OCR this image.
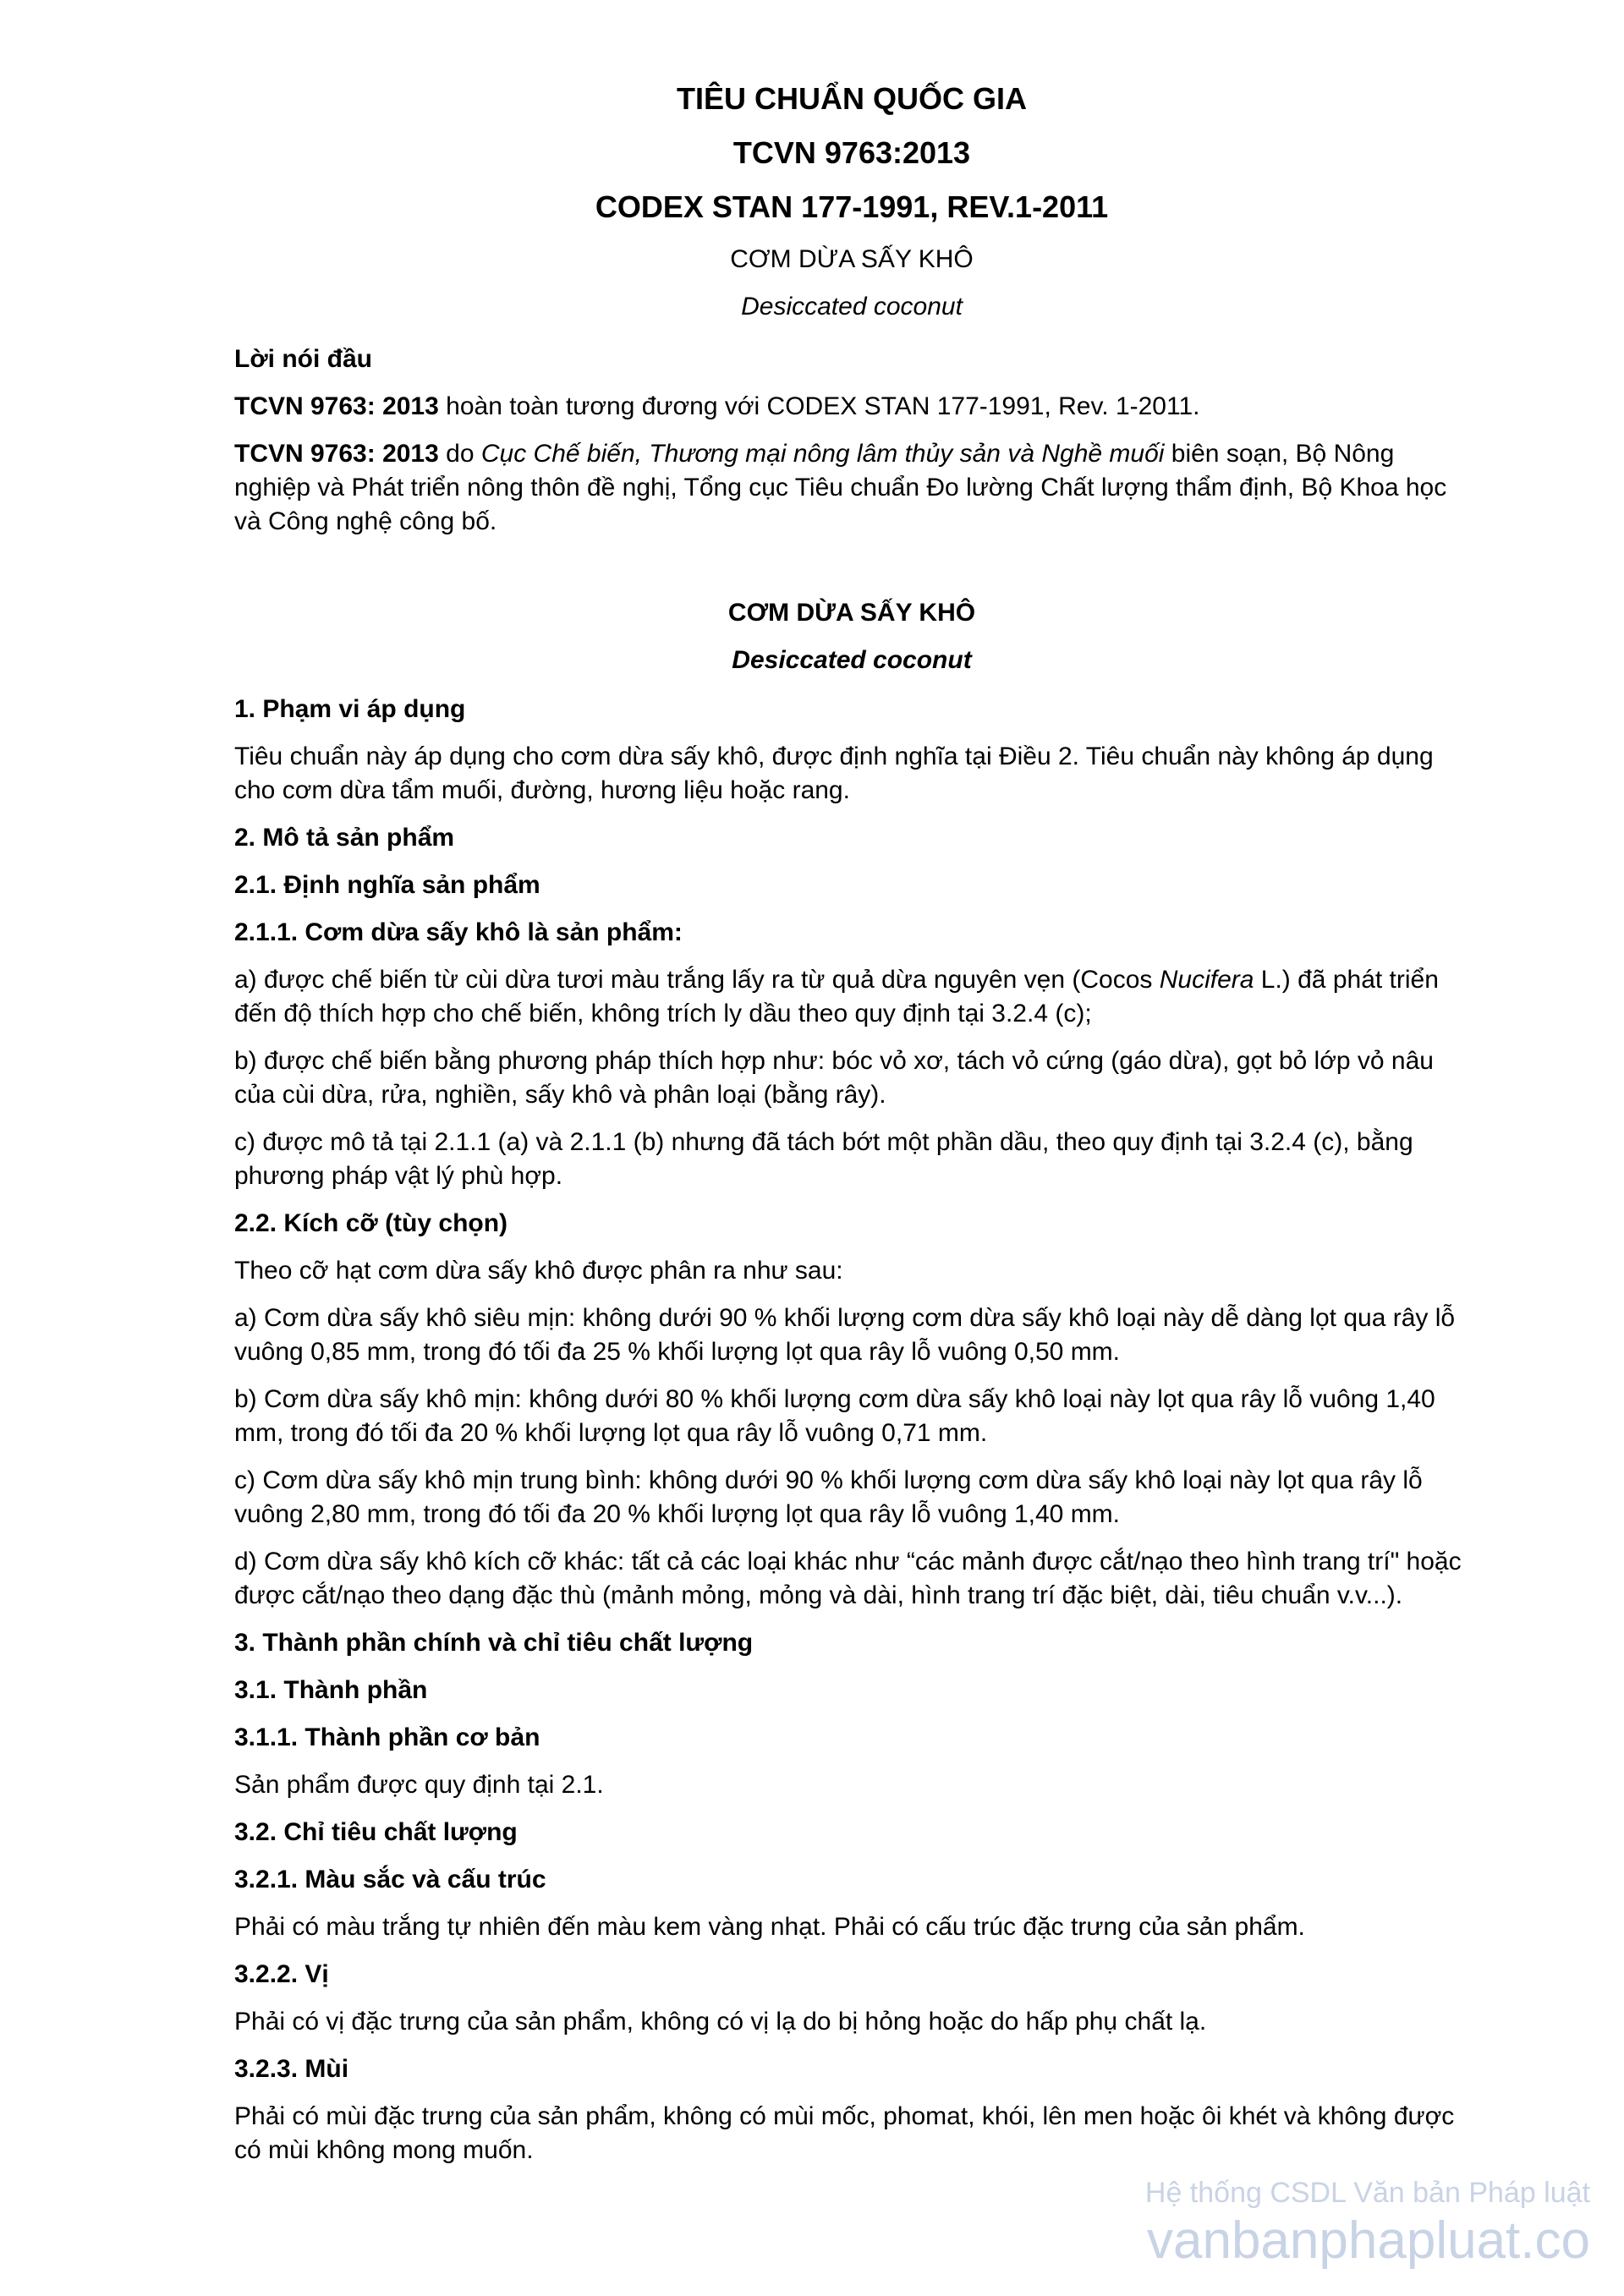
TIÊU CHUẨN QUỐC GIA
TCVN 9763:2013
CODEX STAN 177-1991, REV.1-2011
CƠM DỪA SẤY KHÔ
Desiccated coconut
Lời nói đầu
TCVN 9763: 2013 hoàn toàn tương đương với CODEX STAN 177-1991, Rev. 1-2011.
TCVN 9763: 2013 do Cục Chế biến, Thương mại nông lâm thủy sản và Nghề muối biên soạn, Bộ Nông nghiệp và Phát triển nông thôn đề nghị, Tổng cục Tiêu chuẩn Đo lường Chất lượng thẩm định, Bộ Khoa học và Công nghệ công bố.
CƠM DỪA SẤY KHÔ
Desiccated coconut
1. Phạm vi áp dụng
Tiêu chuẩn này áp dụng cho cơm dừa sấy khô, được định nghĩa tại Điều 2. Tiêu chuẩn này không áp dụng cho cơm dừa tẩm muối, đường, hương liệu hoặc rang.
2. Mô tả sản phẩm
2.1. Định nghĩa sản phẩm
2.1.1. Cơm dừa sấy khô là sản phẩm:
a) được chế biến từ cùi dừa tươi màu trắng lấy ra từ quả dừa nguyên vẹn (Cocos Nucifera L.) đã phát triển đến độ thích hợp cho chế biến, không trích ly dầu theo quy định tại 3.2.4 (c);
b) được chế biến bằng phương pháp thích hợp như: bóc vỏ xơ, tách vỏ cứng (gáo dừa), gọt bỏ lớp vỏ nâu của cùi dừa, rửa, nghiền, sấy khô và phân loại (bằng rây).
c) được mô tả tại 2.1.1 (a) và 2.1.1 (b) nhưng đã tách bớt một phần dầu, theo quy định tại 3.2.4 (c), bằng phương pháp vật lý phù hợp.
2.2. Kích cỡ (tùy chọn)
Theo cỡ hạt cơm dừa sấy khô được phân ra như sau:
a) Cơm dừa sấy khô siêu mịn: không dưới 90 % khối lượng cơm dừa sấy khô loại này dễ dàng lọt qua rây lỗ vuông 0,85 mm, trong đó tối đa 25 % khối lượng lọt qua rây lỗ vuông 0,50 mm.
b) Cơm dừa sấy khô mịn: không dưới 80 % khối lượng cơm dừa sấy khô loại này lọt qua rây lỗ vuông 1,40 mm, trong đó tối đa 20 % khối lượng lọt qua rây lỗ vuông 0,71 mm.
c) Cơm dừa sấy khô mịn trung bình: không dưới 90 % khối lượng cơm dừa sấy khô loại này lọt qua rây lỗ vuông 2,80 mm, trong đó tối đa 20 % khối lượng lọt qua rây lỗ vuông 1,40 mm.
d) Cơm dừa sấy khô kích cỡ khác: tất cả các loại khác như “các mảnh được cắt/nạo theo hình trang trí" hoặc được cắt/nạo theo dạng đặc thù (mảnh mỏng, mỏng và dài, hình trang trí đặc biệt, dài, tiêu chuẩn v.v...).
3. Thành phần chính và chỉ tiêu chất lượng
3.1. Thành phần
3.1.1. Thành phần cơ bản
Sản phẩm được quy định tại 2.1.
3.2. Chỉ tiêu chất lượng
3.2.1. Màu sắc và cấu trúc
Phải có màu trắng tự nhiên đến màu kem vàng nhạt. Phải có cấu trúc đặc trưng của sản phẩm.
3.2.2. Vị
Phải có vị đặc trưng của sản phẩm, không có vị lạ do bị hỏng hoặc do hấp phụ chất lạ.
3.2.3. Mùi
Phải có mùi đặc trưng của sản phẩm, không có mùi mốc, phomat, khói, lên men hoặc ôi khét và không được có mùi không mong muốn.
Hệ thống CSDL Văn bản Pháp luật
vanbanphapluat.co
